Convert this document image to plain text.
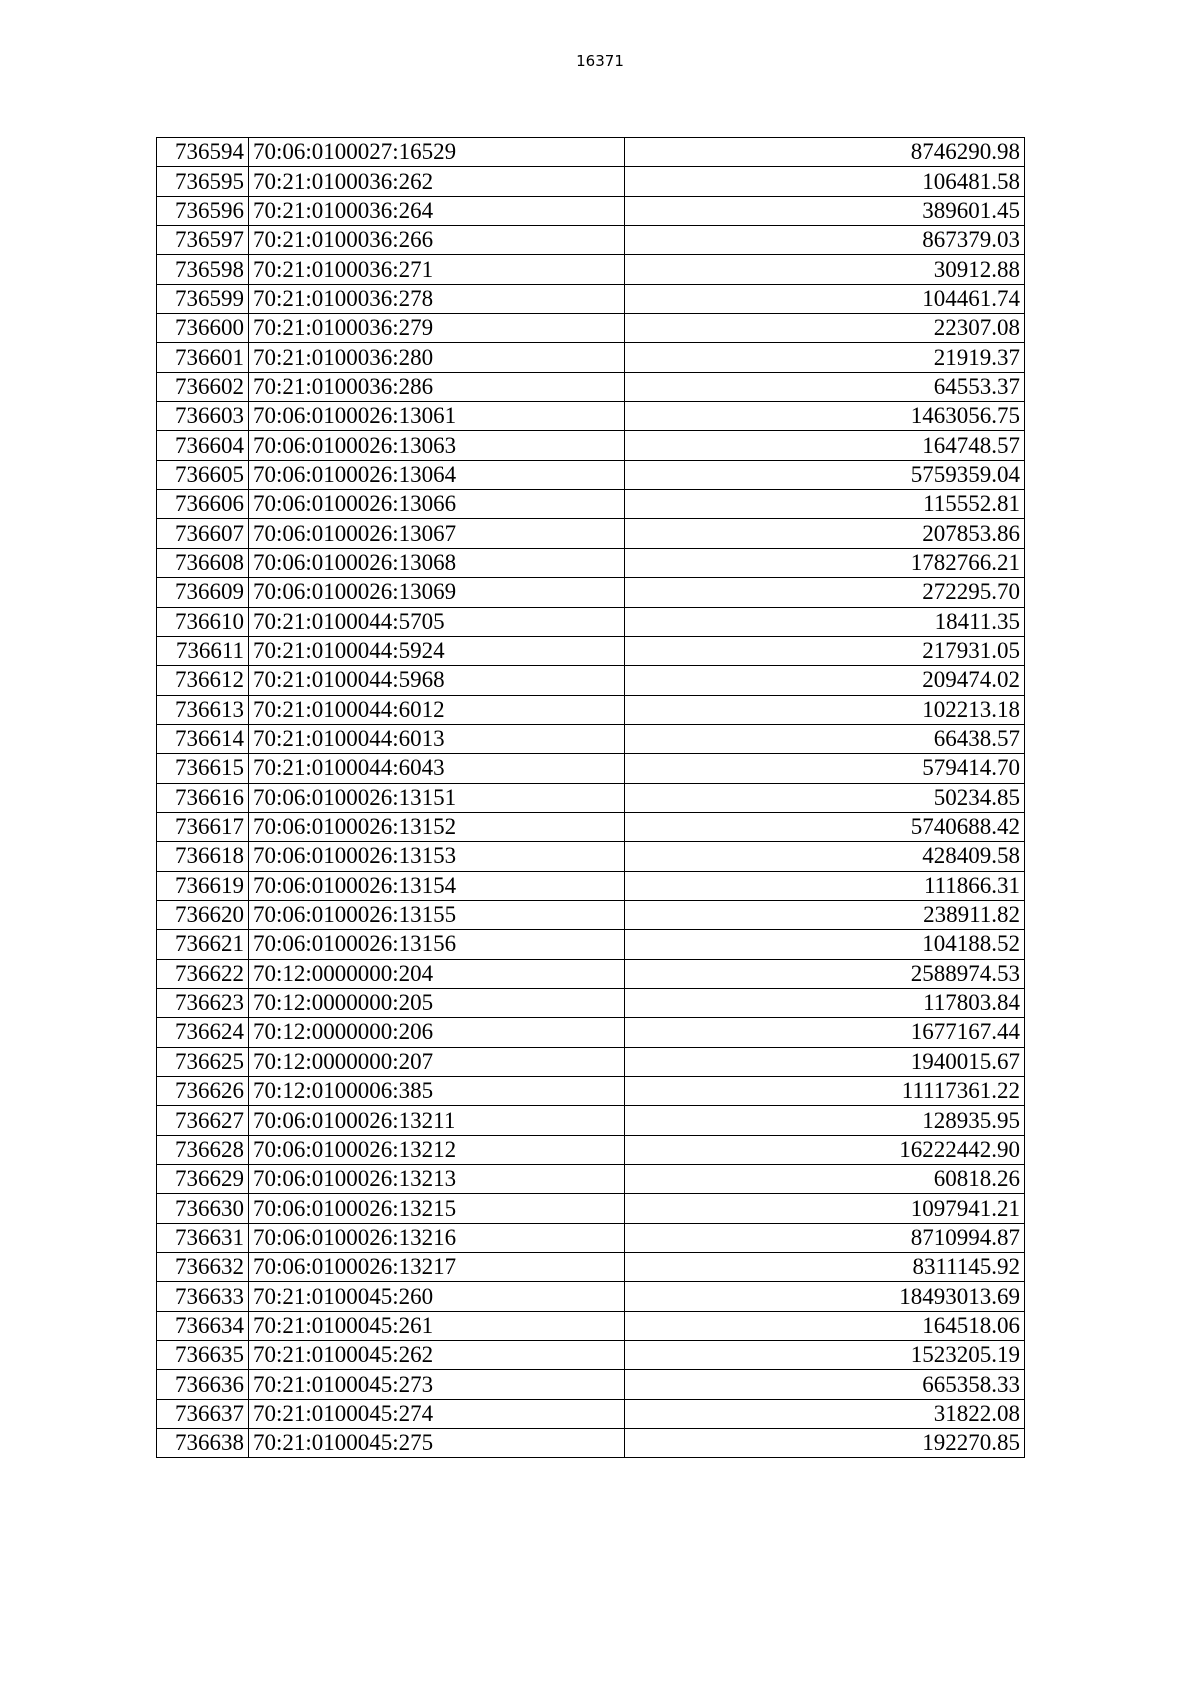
16371
736594	70:06:0100027:16529	8746290.98
736595	70:21:0100036:262	106481.58
736596	70:21:0100036:264	389601.45
736597	70:21:0100036:266	867379.03
736598	70:21:0100036:271	30912.88
736599	70:21:0100036:278	104461.74
736600	70:21:0100036:279	22307.08
736601	70:21:0100036:280	21919.37
736602	70:21:0100036:286	64553.37
736603	70:06:0100026:13061	1463056.75
736604	70:06:0100026:13063	164748.57
736605	70:06:0100026:13064	5759359.04
736606	70:06:0100026:13066	115552.81
736607	70:06:0100026:13067	207853.86
736608	70:06:0100026:13068	1782766.21
736609	70:06:0100026:13069	272295.70
736610	70:21:0100044:5705	18411.35
736611	70:21:0100044:5924	217931.05
736612	70:21:0100044:5968	209474.02
736613	70:21:0100044:6012	102213.18
736614	70:21:0100044:6013	66438.57
736615	70:21:0100044:6043	579414.70
736616	70:06:0100026:13151	50234.85
736617	70:06:0100026:13152	5740688.42
736618	70:06:0100026:13153	428409.58
736619	70:06:0100026:13154	111866.31
736620	70:06:0100026:13155	238911.82
736621	70:06:0100026:13156	104188.52
736622	70:12:0000000:204	2588974.53
736623	70:12:0000000:205	117803.84
736624	70:12:0000000:206	1677167.44
736625	70:12:0000000:207	1940015.67
736626	70:12:0100006:385	11117361.22
736627	70:06:0100026:13211	128935.95
736628	70:06:0100026:13212	16222442.90
736629	70:06:0100026:13213	60818.26
736630	70:06:0100026:13215	1097941.21
736631	70:06:0100026:13216	8710994.87
736632	70:06:0100026:13217	8311145.92
736633	70:21:0100045:260	18493013.69
736634	70:21:0100045:261	164518.06
736635	70:21:0100045:262	1523205.19
736636	70:21:0100045:273	665358.33
736637	70:21:0100045:274	31822.08
736638	70:21:0100045:275	192270.85
